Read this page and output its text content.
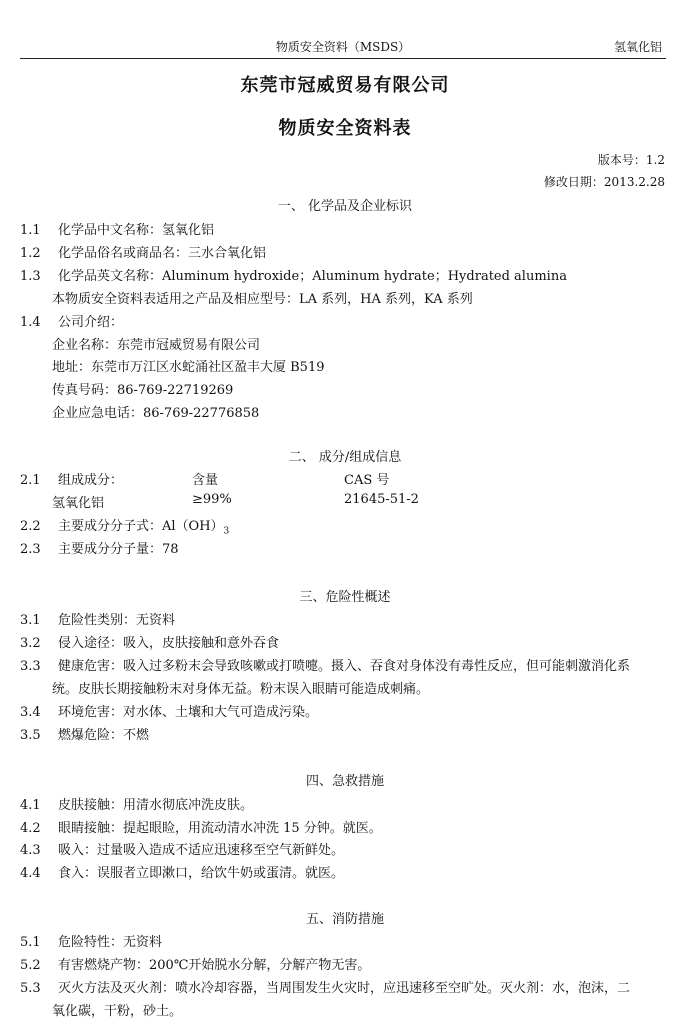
物质安全资料（MSDS）	氢氧化铝
东莞市冠威贸易有限公司
物质安全资料表
版本号：1.2
修改日期：2013.2.28
一、 化学品及企业标识
1.1 化学品中文名称：氢氧化铝
1.2 化学品俗名或商品名：三水合氧化铝
1.3 化学品英文名称：Aluminum hydroxide；Aluminum hydrate；Hydrated alumina
本物质安全资料表适用之产品及相应型号：LA 系列，HA 系列，KA 系列
1.4 公司介绍：
企业名称：东莞市冠威贸易有限公司
地址：东莞市万江区水蛇涌社区盈丰大厦 B519
传真号码：86-769-22719269
企业应急电话：86-769-22776858
二、 成分/组成信息
2.1 组成成分：	含量	CAS 号
氢氧化铝	≥99%	21645-51-2
2.2 主要成分分子式：$Al(OH)_3$
2.3 主要成分分子量：78
三、危险性概述
3.1 危险性类别：无资料
3.2 侵入途径：吸入，皮肤接触和意外吞食
3.3 健康危害：吸入过多粉末会导致咳嗽或打喷嚏。摄入、吞食对身体没有毒性反应，但可能刺激消化系
统。皮肤长期接触粉末对身体无益。粉末误入眼睛可能造成刺痛。
3.4 环境危害：对水体、土壤和大气可造成污染。
3.5 燃爆危险：不燃
四、急救措施
4.1 皮肤接触：用清水彻底冲洗皮肤。
4.2 眼睛接触：提起眼睑，用流动清水冲洗 15 分钟。就医。
4.3 吸入：过量吸入造成不适应迅速移至空气新鲜处。
4.4 食入：误服者立即漱口，给饮牛奶或蛋清。就医。
五、消防措施
5.1 危险特性：无资料
5.2 有害燃烧产物：200℃开始脱水分解，分解产物无害。
5.3 灭火方法及灭火剂：喷水冷却容器，当周围发生火灾时，应迅速移至空旷处。灭火剂：水，泡沫，二
氧化碳，干粉，砂土。
